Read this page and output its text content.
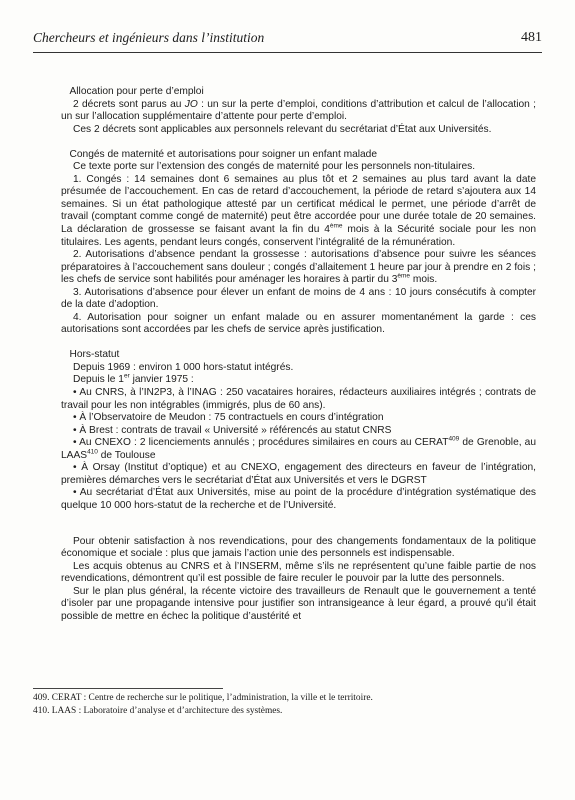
Chercheurs et ingénieurs dans l’institution	481

Allocation pour perte d’emploi

2 décrets sont parus au JO : un sur la perte d’emploi, conditions d’attribution et calcul de l’allocation ; un sur l’allocation supplémentaire d’attente pour perte d’emploi.

Ces 2 décrets sont applicables aux personnels relevant du secrétariat d’État aux Universités.

Congés de maternité et autorisations pour soigner un enfant malade

Ce texte porte sur l’extension des congés de maternité pour les personnels non-titulaires.

1. Congés : 14 semaines dont 6 semaines au plus tôt et 2 semaines au plus tard avant la date présumée de l’accouchement. En cas de retard d’accouchement, la période de retard s’ajoutera aux 14 semaines. Si un état pathologique attesté par un certificat médical le permet, une période d’arrêt de travail (comptant comme congé de maternité) peut être accordée pour une durée totale de 20 semaines. La déclaration de grossesse se faisant avant la fin du 4ème mois à la Sécurité sociale pour les non titulaires. Les agents, pendant leurs congés, conservent l’intégralité de la rémunération.

2. Autorisations d’absence pendant la grossesse : autorisations d’absence pour suivre les séances préparatoires à l’accouchement sans douleur ; congés d’allaitement 1 heure par jour à prendre en 2 fois ; les chefs de service sont habilités pour aménager les horaires à partir du 3ème mois.

3. Autorisations d’absence pour élever un enfant de moins de 4 ans : 10 jours consécutifs à compter de la date d’adoption.

4. Autorisation pour soigner un enfant malade ou en assurer momentanément la garde : ces autorisations sont accordées par les chefs de service après justification.

Hors-statut

Depuis 1969 : environ 1 000 hors-statut intégrés.

Depuis le 1er janvier 1975 :

• Au CNRS, à l’IN2P3, à l’INAG : 250 vacataires horaires, rédacteurs auxiliaires intégrés ; contrats de travail pour les non intégrables (immigrés, plus de 60 ans).

• À l’Observatoire de Meudon : 75 contractuels en cours d’intégration

• À Brest : contrats de travail « Université » référencés au statut CNRS

• Au CNEXO : 2 licenciements annulés ; procédures similaires en cours au CERAT$^{409}$ de Grenoble, au LAAS$^{410}$ de Toulouse

• À Orsay (Institut d’optique) et au CNEXO, engagement des directeurs en faveur de l’intégration, premières démarches vers le secrétariat d’État aux Universités et vers le DGRST

• Au secrétariat d’État aux Universités, mise au point de la procédure d’intégration systématique des quelque 10 000 hors-statut de la recherche et de l’Université.

Pour obtenir satisfaction à nos revendications, pour des changements fondamentaux de la politique économique et sociale : plus que jamais l’action unie des personnels est indispensable.

Les acquis obtenus au CNRS et à l’INSERM, même s’ils ne représentent qu’une faible partie de nos revendications, démontrent qu’il est possible de faire reculer le pouvoir par la lutte des personnels.

Sur le plan plus général, la récente victoire des travailleurs de Renault que le gouvernement a tenté d’isoler par une propagande intensive pour justifier son intransigeance à leur égard, a prouvé qu’il était possible de mettre en échec la politique d’austérité et

409. CERAT : Centre de recherche sur le politique, l’administration, la ville et le territoire.

410. LAAS : Laboratoire d’analyse et d’architecture des systèmes.
